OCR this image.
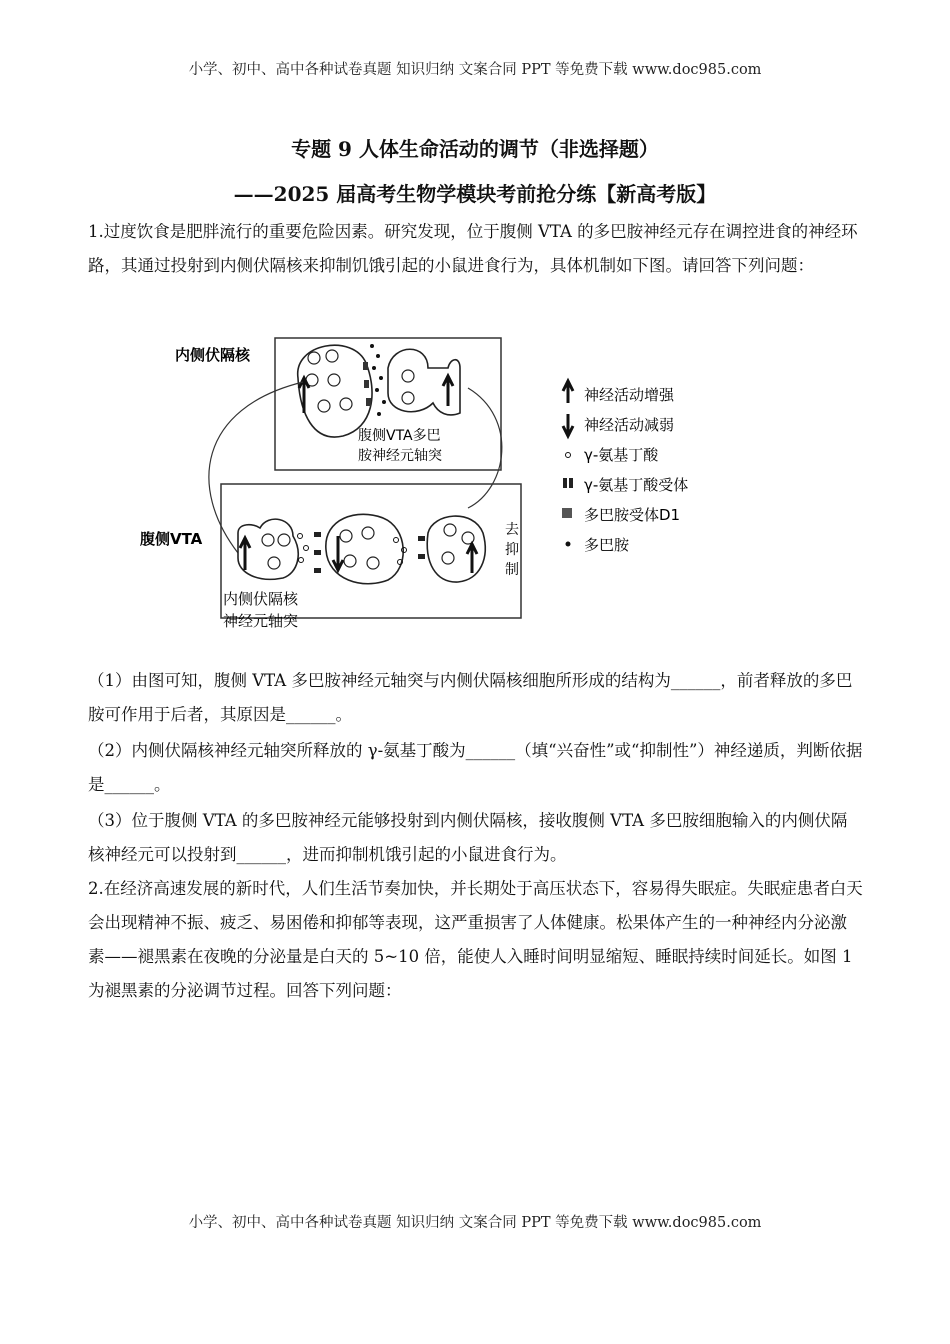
小学、初中、高中各种试卷真题 知识归纳 文案合同 PPT 等免费下载 www.doc985.com
专题 9 人体生命活动的调节（非选择题）
——2025 届高考生物学模块考前抢分练【新高考版】
1.过度饮食是肥胖流行的重要危险因素。研究发现，位于腹侧 VTA 的多巴胺神经元存在调控进食的神经环路，其通过投射到内侧伏隔核来抑制饥饿引起的小鼠进食行为，具体机制如下图。请回答下列问题：
内侧伏隔核
腹侧VTA多巴
胺神经元轴突
腹侧VTA	去
抑
制
内侧伏隔核
神经元轴突
神经活动增强
神经活动减弱
γ-氨基丁酸
γ-氨基丁酸受体
多巴胺受体D1
多巴胺
（1）由图可知，腹侧 VTA 多巴胺神经元轴突与内侧伏隔核细胞所形成的结构为______，前者释放的多巴胺可作用于后者，其原因是______。
（2）内侧伏隔核神经元轴突所释放的 γ-氨基丁酸为______（填“兴奋性”或“抑制性”）神经递质，判断依据是______。
（3）位于腹侧 VTA 的多巴胺神经元能够投射到内侧伏隔核，接收腹侧 VTA 多巴胺细胞输入的内侧伏隔核神经元可以投射到______，进而抑制机饿引起的小鼠进食行为。
2.在经济高速发展的新时代，人们生活节奏加快，并长期处于高压状态下，容易得失眠症。失眠症患者白天会出现精神不振、疲乏、易困倦和抑郁等表现，这严重损害了人体健康。松果体产生的一种神经内分泌激素——褪黑素在夜晚的分泌量是白天的 5~10 倍，能使人入睡时间明显缩短、睡眠持续时间延长。如图 1 为褪黑素的分泌调节过程。回答下列问题：
小学、初中、高中各种试卷真题 知识归纳 文案合同 PPT 等免费下载 www.doc985.com
